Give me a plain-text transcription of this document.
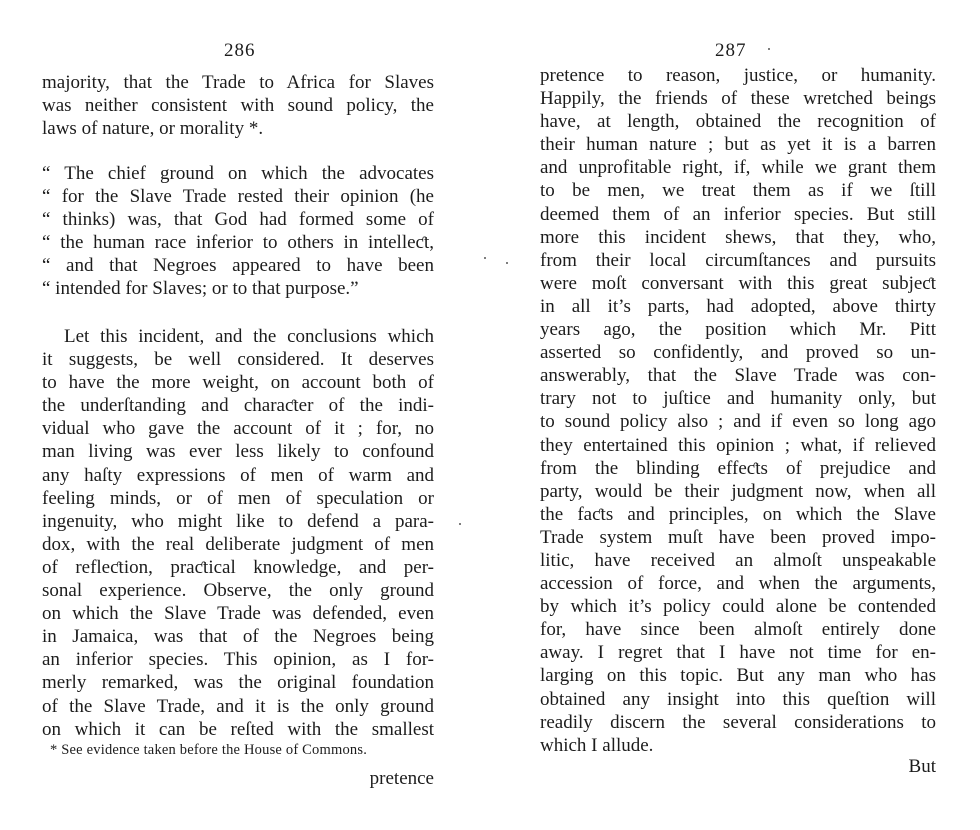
286
majority, that the Trade to Africa for Slaves
was neither consistent with sound policy, the
laws of nature, or morality *.
“ The chief ground on which the advocates
“ for the Slave Trade rested their opinion (he
“ thinks) was, that God had formed some of
“ the human race inferior to others in intelleƈt,
“ and that Negroes appeared to have been
“ intended for Slaves; or to that purpose.”
Let this incident, and the conclusions which
it suggests, be well considered. It deserves
to have the more weight, on account both of
the underſtanding and charaƈter of the indi-
vidual who gave the account of it ; for, no
man living was ever less likely to confound
any haſty expressions of men of warm and
feeling minds, or of men of speculation or
ingenuity, who might like to defend a para-
dox, with the real deliberate judgment of men
of refleƈtion, praƈtical knowledge, and per-
sonal experience. Observe, the only ground
on which the Slave Trade was defended, even
in Jamaica, was that of the Negroes being
an inferior species. This opinion, as I for-
merly remarked, was the original foundation
of the Slave Trade, and it is the only ground
on which it can be reſted with the smallest
* See evidence taken before the House of Commons.
pretence
287
pretence to reason, justice, or humanity.
Happily, the friends of these wretched beings
have, at length, obtained the recognition of
their human nature ; but as yet it is a barren
and unprofitable right, if, while we grant them
to be men, we treat them as if we ſtill
deemed them of an inferior species. But still
more this incident shews, that they, who,
from their local circumſtances and pursuits
were moſt conversant with this great subjeƈt
in all it’s parts, had adopted, above thirty
years ago, the position which Mr. Pitt
asserted so confidently, and proved so un-
answerably, that the Slave Trade was con-
trary not to juſtice and humanity only, but
to sound policy also ; and if even so long ago
they entertained this opinion ; what, if relieved
from the blinding effeƈts of prejudice and
party, would be their judgment now, when all
the faƈts and principles, on which the Slave
Trade system muſt have been proved impo-
litic, have received an almoſt unspeakable
accession of force, and when the arguments,
by which it’s policy could alone be contended
for, have since been almoſt entirely done
away. I regret that I have not time for en-
larging on this topic. But any man who has
obtained any insight into this queſtion will
readily discern the several considerations to
which I allude.
But
